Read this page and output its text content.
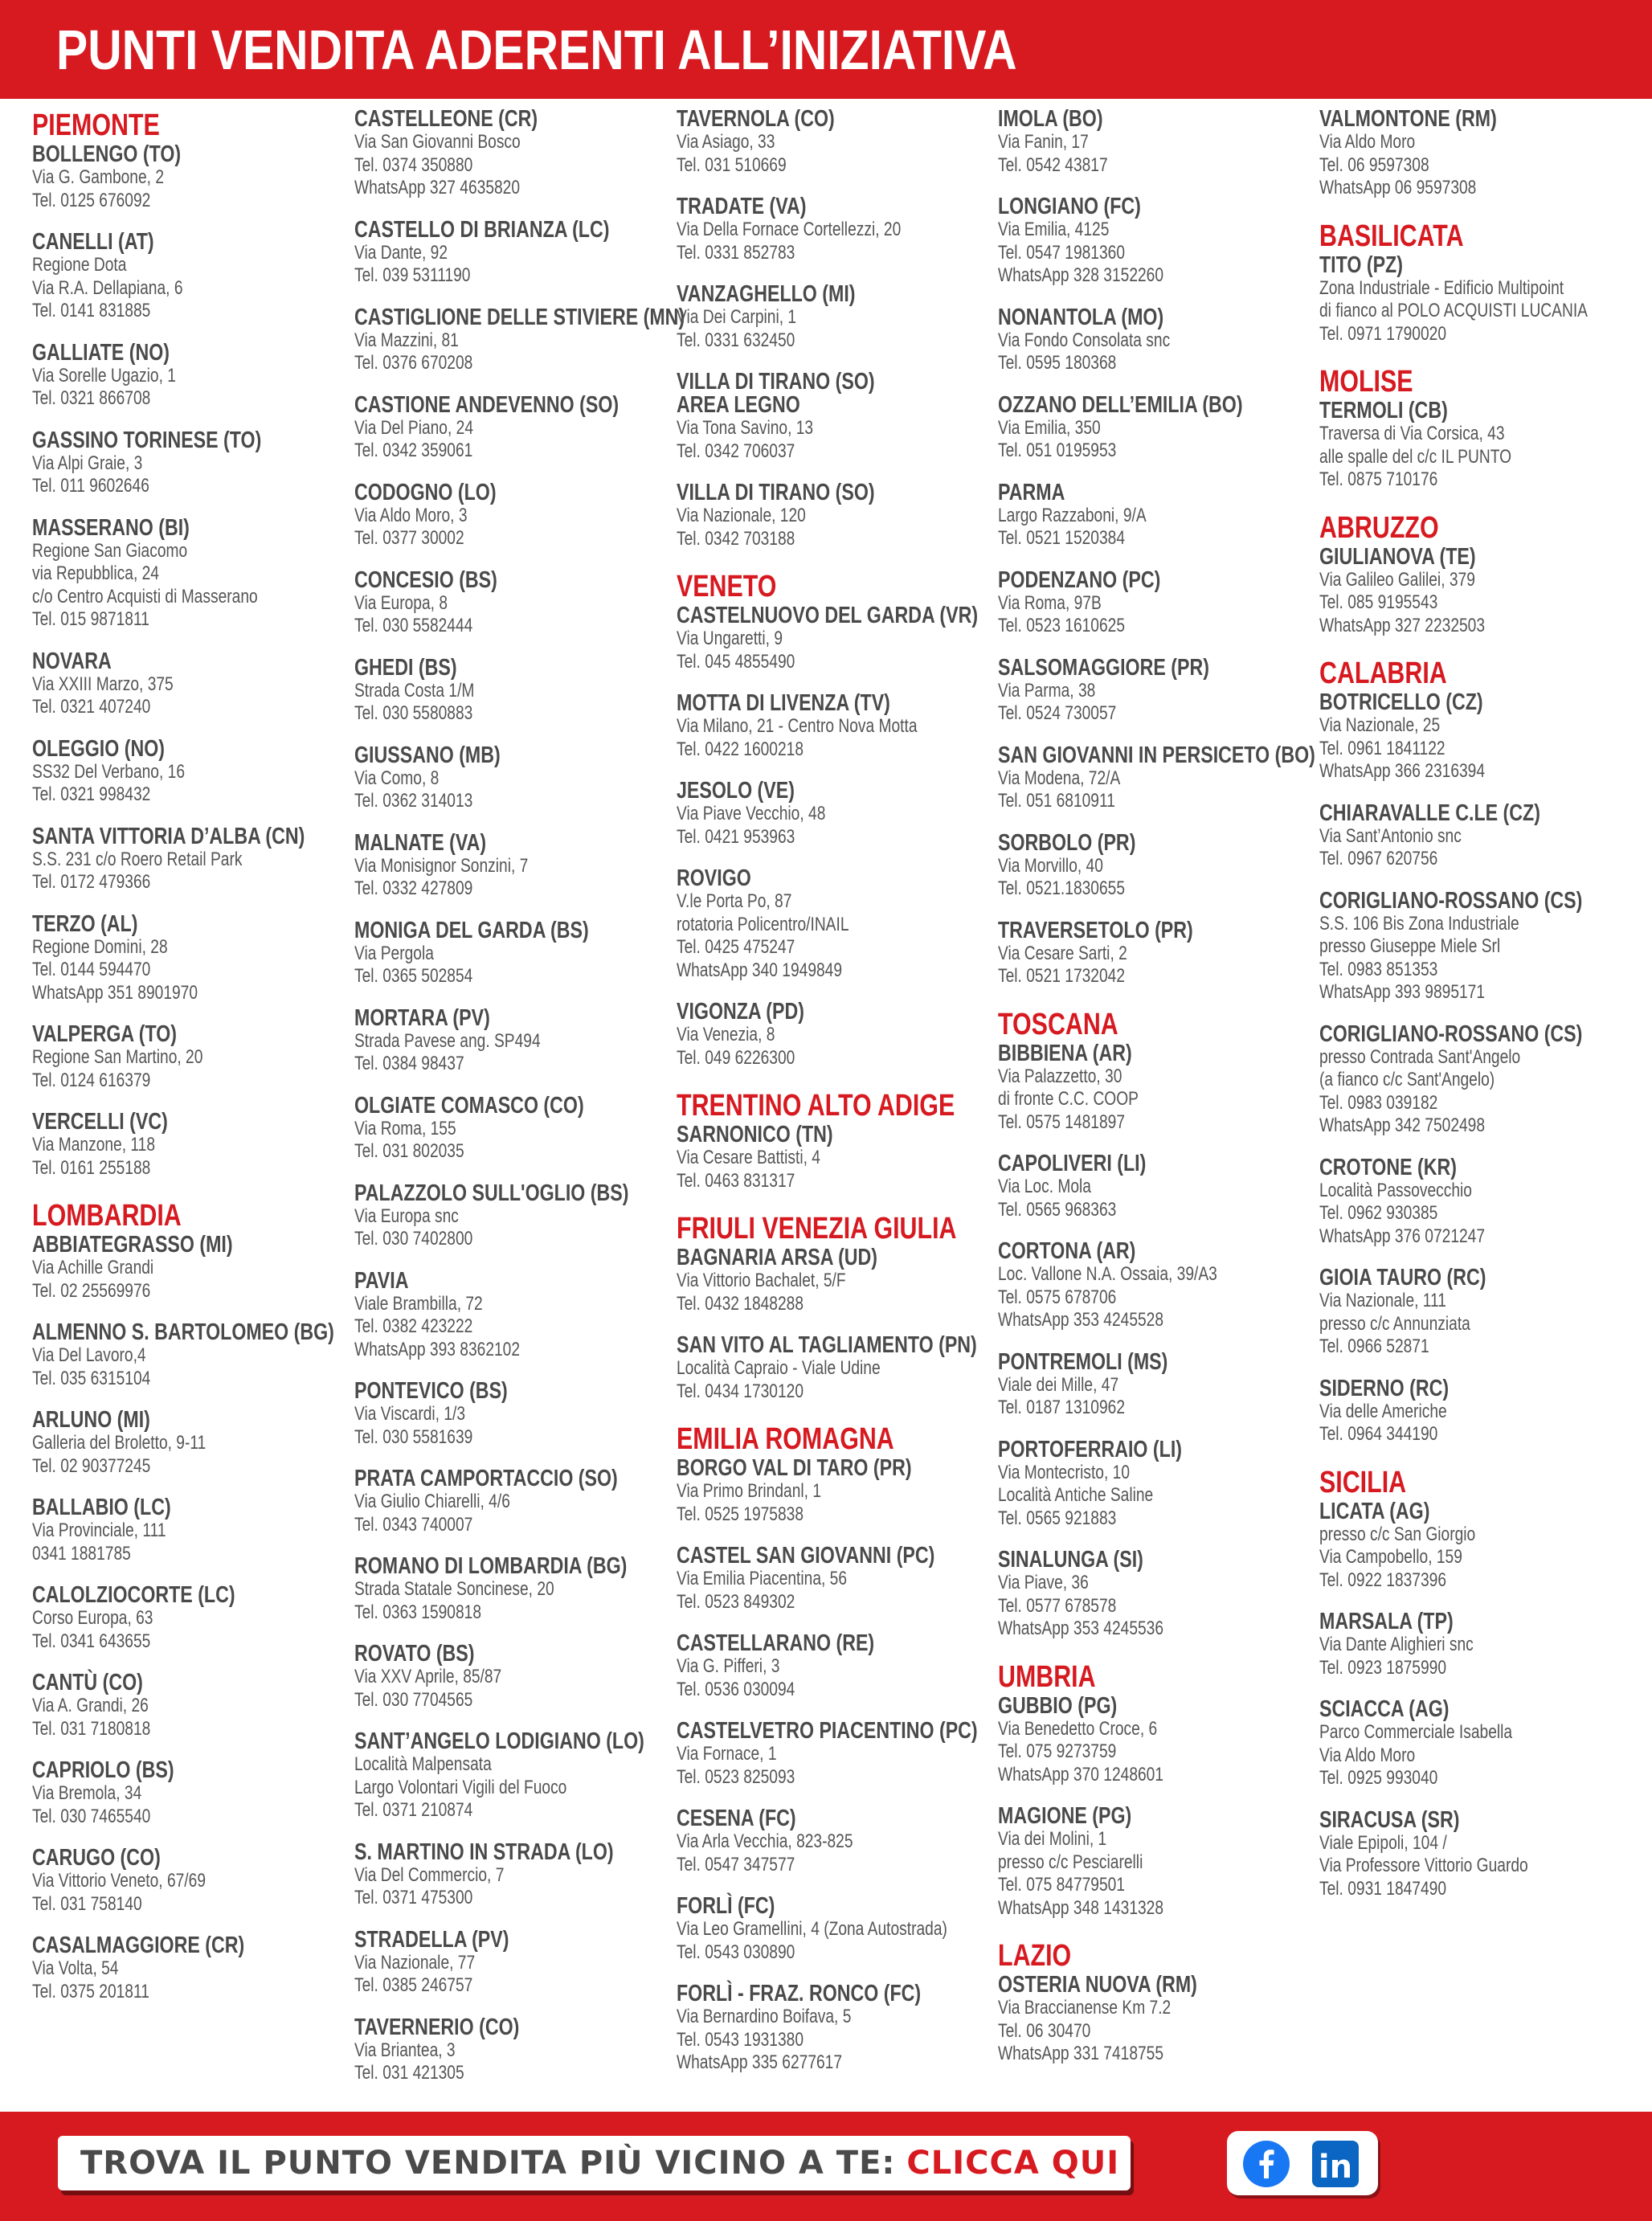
PUNTI VENDITA ADERENTI ALL’INIZIATIVA
PIEMONTE
BOLLENGO (TO)
Via G. Gambone, 2
Tel. 0125 676092
CANELLI (AT)
Regione Dota
Via R.A. Dellapiana, 6
Tel. 0141 831885
GALLIATE (NO)
Via Sorelle Ugazio, 1
Tel. 0321 866708
GASSINO TORINESE (TO)
Via Alpi Graie, 3
Tel. 011 9602646
MASSERANO (BI)
Regione San Giacomo
via Repubblica, 24
c/o Centro Acquisti di Masserano
Tel. 015 9871811
NOVARA
Via XXIII Marzo, 375
Tel. 0321 407240
OLEGGIO (NO)
SS32 Del Verbano, 16
Tel. 0321 998432
SANTA VITTORIA D’ALBA (CN)
S.S. 231 c/o Roero Retail Park
Tel. 0172 479366
TERZO (AL)
Regione Domini, 28
Tel. 0144 594470
WhatsApp 351 8901970
VALPERGA (TO)
Regione San Martino, 20
Tel. 0124 616379
VERCELLI (VC)
Via Manzone, 118
Tel. 0161 255188
LOMBARDIA
ABBIATEGRASSO (MI)
Via Achille Grandi
Tel. 02 25569976
ALMENNO S. BARTOLOMEO (BG)
Via Del Lavoro,4
Tel. 035 6315104
ARLUNO (MI)
Galleria del Broletto, 9-11
Tel. 02 90377245
BALLABIO (LC)
Via Provinciale, 111
0341 1881785
CALOLZIOCORTE (LC)
Corso Europa, 63
Tel. 0341 643655
CANTÙ (CO)
Via A. Grandi, 26
Tel. 031 7180818
CAPRIOLO (BS)
Via Bremola, 34
Tel. 030 7465540
CARUGO (CO)
Via Vittorio Veneto, 67/69
Tel. 031 758140
CASALMAGGIORE (CR)
Via Volta, 54
Tel. 0375 201811
CASTELLEONE (CR)
Via San Giovanni Bosco
Tel. 0374 350880
WhatsApp 327 4635820
CASTELLO DI BRIANZA (LC)
Via Dante, 92
Tel. 039 5311190
CASTIGLIONE DELLE STIVIERE (MN)
Via Mazzini, 81
Tel. 0376 670208
CASTIONE ANDEVENNO (SO)
Via Del Piano, 24
Tel. 0342 359061
CODOGNO (LO)
Via Aldo Moro, 3
Tel. 0377 30002
CONCESIO (BS)
Via Europa, 8
Tel. 030 5582444
GHEDI (BS)
Strada Costa 1/M
Tel. 030 5580883
GIUSSANO (MB)
Via Como, 8
Tel. 0362 314013
MALNATE (VA)
Via Monisignor Sonzini, 7
Tel. 0332 427809
MONIGA DEL GARDA (BS)
Via Pergola
Tel. 0365 502854
MORTARA (PV)
Strada Pavese ang. SP494
Tel. 0384 98437
OLGIATE COMASCO (CO)
Via Roma, 155
Tel. 031 802035
PALAZZOLO SULL'OGLIO (BS)
Via Europa snc
Tel. 030 7402800
PAVIA
Viale Brambilla, 72
Tel. 0382 423222
WhatsApp 393 8362102
PONTEVICO (BS)
Via Viscardi, 1/3
Tel. 030 5581639
PRATA CAMPORTACCIO (SO)
Via Giulio Chiarelli, 4/6
Tel. 0343 740007
ROMANO DI LOMBARDIA (BG)
Strada Statale Soncinese, 20
Tel. 0363 1590818
ROVATO (BS)
Via XXV Aprile, 85/87
Tel. 030 7704565
SANT’ANGELO LODIGIANO (LO)
Località Malpensata
Largo Volontari Vigili del Fuoco
Tel. 0371 210874
S. MARTINO IN STRADA (LO)
Via Del Commercio, 7
Tel. 0371 475300
STRADELLA (PV)
Via Nazionale, 77
Tel. 0385 246757
TAVERNERIO (CO)
Via Briantea, 3
Tel. 031 421305
TAVERNOLA (CO)
Via Asiago, 33
Tel. 031 510669
TRADATE (VA)
Via Della Fornace Cortellezzi, 20
Tel. 0331 852783
VANZAGHELLO (MI)
Via Dei Carpini, 1
Tel. 0331 632450
VILLA DI TIRANO (SO)
AREA LEGNO
Via Tona Savino, 13
Tel. 0342 706037
VILLA DI TIRANO (SO)
Via Nazionale, 120
Tel. 0342 703188
VENETO
CASTELNUOVO DEL GARDA (VR)
Via Ungaretti, 9
Tel. 045 4855490
MOTTA DI LIVENZA (TV)
Via Milano, 21 - Centro Nova Motta
Tel. 0422 1600218
JESOLO (VE)
Via Piave Vecchio, 48
Tel. 0421 953963
ROVIGO
V.le Porta Po, 87
rotatoria Policentro/INAIL
Tel. 0425 475247
WhatsApp 340 1949849
VIGONZA (PD)
Via Venezia, 8
Tel. 049 6226300
TRENTINO ALTO ADIGE
SARNONICO (TN)
Via Cesare Battisti, 4
Tel. 0463 831317
FRIULI VENEZIA GIULIA
BAGNARIA ARSA (UD)
Via Vittorio Bachalet, 5/F
Tel. 0432 1848288
SAN VITO AL TAGLIAMENTO (PN)
Località Capraio - Viale Udine
Tel. 0434 1730120
EMILIA ROMAGNA
BORGO VAL DI TARO (PR)
Via Primo Brindanl, 1
Tel. 0525 1975838
CASTEL SAN GIOVANNI (PC)
Via Emilia Piacentina, 56
Tel. 0523 849302
CASTELLARANO (RE)
Via G. Pifferi, 3
Tel. 0536 030094
CASTELVETRO PIACENTINO (PC)
Via Fornace, 1
Tel. 0523 825093
CESENA (FC)
Via Arla Vecchia, 823-825
Tel. 0547 347577
FORLÌ (FC)
Via Leo Gramellini, 4 (Zona Autostrada)
Tel. 0543 030890
FORLÌ - FRAZ. RONCO (FC)
Via Bernardino Boifava, 5
Tel. 0543 1931380
WhatsApp 335 6277617
IMOLA (BO)
Via Fanin, 17
Tel. 0542 43817
LONGIANO (FC)
Via Emilia, 4125
Tel. 0547 1981360
WhatsApp 328 3152260
NONANTOLA (MO)
Via Fondo Consolata snc
Tel. 0595 180368
OZZANO DELL’EMILIA (BO)
Via Emilia, 350
Tel. 051 0195953
PARMA
Largo Razzaboni, 9/A
Tel. 0521 1520384
PODENZANO (PC)
Via Roma, 97B
Tel. 0523 1610625
SALSOMAGGIORE (PR)
Via Parma, 38
Tel. 0524 730057
SAN GIOVANNI IN PERSICETO (BO)
Via Modena, 72/A
Tel. 051 6810911
SORBOLO (PR)
Via Morvillo, 40
Tel. 0521.1830655
TRAVERSETOLO (PR)
Via Cesare Sarti, 2
Tel. 0521 1732042
TOSCANA
BIBBIENA (AR)
Via Palazzetto, 30
di fronte C.C. COOP
Tel. 0575 1481897
CAPOLIVERI (LI)
Via Loc. Mola
Tel. 0565 968363
CORTONA (AR)
Loc. Vallone N.A. Ossaia, 39/A3
Tel. 0575 678706
WhatsApp 353 4245528
PONTREMOLI (MS)
Viale dei Mille, 47
Tel. 0187 1310962
PORTOFERRAIO (LI)
Via Montecristo, 10
Località Antiche Saline
Tel. 0565 921883
SINALUNGA (SI)
Via Piave, 36
Tel. 0577 678578
WhatsApp 353 4245536
UMBRIA
GUBBIO (PG)
Via Benedetto Croce, 6
Tel. 075 9273759
WhatsApp 370 1248601
MAGIONE (PG)
Via dei Molini, 1
presso c/c Pesciarelli
Tel. 075 84779501
WhatsApp 348 1431328
LAZIO
OSTERIA NUOVA (RM)
Via Braccianense Km 7.2
Tel. 06 30470
WhatsApp 331 7418755
VALMONTONE (RM)
Via Aldo Moro
Tel. 06 9597308
WhatsApp 06 9597308
BASILICATA
TITO (PZ)
Zona Industriale - Edificio Multipoint
di fianco al POLO ACQUISTI LUCANIA
Tel. 0971 1790020
MOLISE
TERMOLI (CB)
Traversa di Via Corsica, 43
alle spalle del c/c IL PUNTO
Tel. 0875 710176
ABRUZZO
GIULIANOVA (TE)
Via Galileo Galilei, 379
Tel. 085 9195543
WhatsApp 327 2232503
CALABRIA
BOTRICELLO (CZ)
Via Nazionale, 25
Tel. 0961 1841122
WhatsApp 366 2316394
CHIARAVALLE C.LE (CZ)
Via Sant’Antonio snc
Tel. 0967 620756
CORIGLIANO-ROSSANO (CS)
S.S. 106 Bis Zona Industriale
presso Giuseppe Miele Srl
Tel. 0983 851353
WhatsApp 393 9895171
CORIGLIANO-ROSSANO (CS)
presso Contrada Sant'Angelo
(a fianco c/c Sant'Angelo)
Tel. 0983 039182
WhatsApp 342 7502498
CROTONE (KR)
Località Passovecchio
Tel. 0962 930385
WhatsApp 376 0721247
GIOIA TAURO (RC)
Via Nazionale, 111
presso c/c Annunziata
Tel. 0966 52871
SIDERNO (RC)
Via delle Americhe
Tel. 0964 344190
SICILIA
LICATA (AG)
presso c/c San Giorgio
Via Campobello, 159
Tel. 0922 1837396
MARSALA (TP)
Via Dante Alighieri snc
Tel. 0923 1875990
SCIACCA (AG)
Parco Commerciale Isabella
Via Aldo Moro
Tel. 0925 993040
SIRACUSA (SR)
Viale Epipoli, 104 /
Via Professore Vittorio Guardo
Tel. 0931 1847490
TROVA IL PUNTO VENDITA PIÙ VICINO A TE: CLICCA QUI	in
